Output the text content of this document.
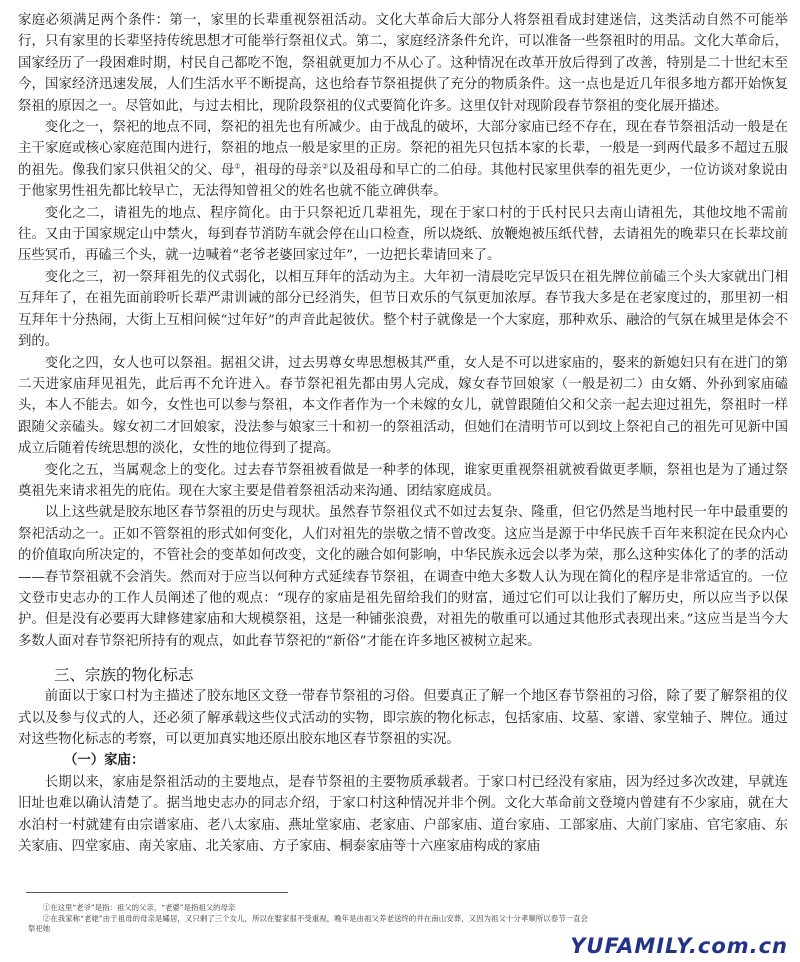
家庭必须满足两个条件：第一，家里的长辈重视祭祖活动。文化大革命后大部分人将祭祖看成封建迷信，这类活动自然不可能举行，只有家里的长辈坚持传统思想才可能举行祭祖仪式。第二，家庭经济条件允许，可以准备一些祭祖时的用品。文化大革命后，国家经历了一段困难时期，村民自己都吃不饱，祭祖就更加力不从心了。这种情况在改革开放后得到了改善，特别是二十世纪末至今，国家经济迅速发展，人们生活水平不断提高，这也给春节祭祖提供了充分的物质条件。这一点也是近几年很多地方都开始恢复祭祖的原因之一。尽管如此，与过去相比，现阶段祭祖的仪式要简化许多。这里仅针对现阶段春节祭祖的变化展开描述。

变化之一，祭祀的地点不同，祭祀的祖先也有所减少。由于战乱的破坏，大部分家庙已经不存在，现在春节祭祖活动一般是在主干家庭或核心家庭范围内进行，祭祖的地点一般是家里的正房。祭祀的祖先只包括本家的长辈，一般是一到两代最多不超过五服的祖先。像我们家只供祖父的父、母①，祖母的母亲②以及祖母和早亡的二伯母。其他村民家里供奉的祖先更少，一位访谈对象说由于他家男性祖先都比较早亡，无法得知曾祖父的姓名也就不能立碑供奉。

变化之二，请祖先的地点、程序简化。由于只祭祀近几辈祖先，现在于家口村的于氏村民只去南山请祖先，其他坟地不需前往。又由于国家规定山中禁火，每到春节消防车就会停在山口检查，所以烧纸、放鞭炮被压纸代替，去请祖先的晚辈只在长辈坟前压些冥币，再磕三个头，就一边喊着“老爷老婆回家过年”，一边把长辈请回来了。

变化之三，初一祭拜祖先的仪式弱化，以相互拜年的活动为主。大年初一清晨吃完早饭只在祖先牌位前磕三个头大家就出门相互拜年了，在祖先面前聆听长辈严肃训诫的部分已经消失，但节日欢乐的气氛更加浓厚。春节我大多是在老家度过的，那里初一相互拜年十分热闹，大街上互相问候“过年好”的声音此起彼伏。整个村子就像是一个大家庭，那种欢乐、融洽的气氛在城里是体会不到的。

变化之四，女人也可以祭祖。据祖父讲，过去男尊女卑思想极其严重，女人是不可以进家庙的，娶来的新媳妇只有在进门的第二天进家庙拜见祖先，此后再不允许进入。春节祭祀祖先都由男人完成，嫁女春节回娘家（一般是初二）由女婿、外孙到家庙磕头，本人不能去。如今，女性也可以参与祭祖，本文作者作为一个未嫁的女儿，就曾跟随伯父和父亲一起去迎过祖先，祭祖时一样跟随父亲磕头。嫁女初二才回娘家，没法参与娘家三十和初一的祭祖活动，但她们在清明节可以到坟上祭祀自己的祖先可见新中国成立后随着传统思想的淡化，女性的地位得到了提高。

变化之五，当属观念上的变化。过去春节祭祖被看做是一种孝的体现，谁家更重视祭祖就被看做更孝顺，祭祖也是为了通过祭奠祖先来请求祖先的庇佑。现在大家主要是借着祭祖活动来沟通、团结家庭成员。

以上这些就是胶东地区春节祭祖的历史与现状。虽然春节祭祖仪式不如过去复杂、隆重，但它仍然是当地村民一年中最重要的祭祀活动之一。正如不管祭祖的形式如何变化，人们对祖先的崇敬之情不曾改变。这应当是源于中华民族千百年来积淀在民众内心的价值取向所决定的，不管社会的变革如何改变，文化的融合如何影响，中华民族永远会以孝为荣，那么这种实体化了的孝的活动——春节祭祖就不会消失。然而对于应当以何种方式延续春节祭祖，在调查中绝大多数人认为现在简化的程序是非常适宜的。一位文登市史志办的工作人员阐述了他的观点：“现存的家庙是祖先留给我们的财富，通过它们可以让我们了解历史，所以应当予以保护。但是没有必要再大肆修建家庙和大规模祭祖，这是一种铺张浪费，对祖先的敬重可以通过其他形式表现出来。”这应当是当今大多数人面对春节祭祀所持有的观点，如此春节祭祀的“新俗”才能在许多地区被树立起来。

三、宗族的物化标志

前面以于家口村为主描述了胶东地区文登一带春节祭祖的习俗。但要真正了解一个地区春节祭祖的习俗，除了要了解祭祖的仪式以及参与仪式的人，还必须了解承载这些仪式活动的实物，即宗族的物化标志，包括家庙、坟墓、家谱、家堂轴子、牌位。通过对这些物化标志的考察，可以更加真实地还原出胶东地区春节祭祖的实况。

（一）家庙：

长期以来，家庙是祭祖活动的主要地点，是春节祭祖的主要物质承载者。于家口村已经没有家庙，因为经过多次改建，早就连旧址也难以确认清楚了。据当地史志办的同志介绍，于家口村这种情况并非个例。文化大革命前文登境内曾建有不少家庙，就在大水泊村一村就建有由宗谱家庙、老八太家庙、燕址堂家庙、老家庙、户部家庙、道台家庙、工部家庙、大前门家庙、官宅家庙、东关家庙、四堂家庙、南关家庙、北关家庙、方子家庙、桐泰家庙等十六座家庙构成的家庙

①在这里“老爷”是指：祖父的父亲，“老婆”是指祖父的母亲

②在我家称“老姥”由于祖母的母亲是孀居，又只剩了三个女儿，所以在娶家很不受重视，晚年是由祖父养老送终的并在南山安葬，又因为祖父十分孝顺所以春节一直会祭祀她

YUFAMILY.com.cn
